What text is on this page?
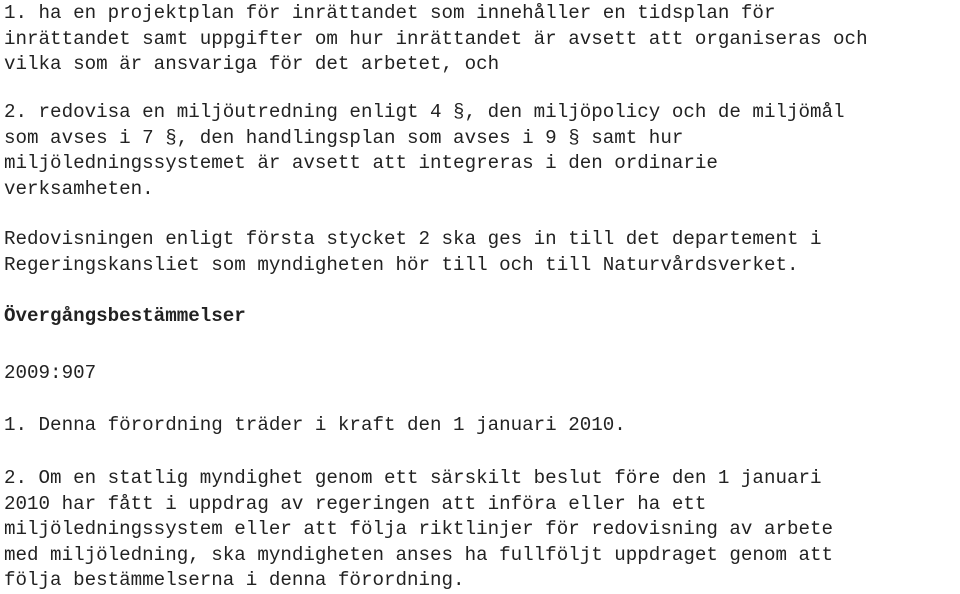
1. ha en projektplan för inrättandet som innehåller en tidsplan för
inrättandet samt uppgifter om hur inrättandet är avsett att organiseras och
vilka som är ansvariga för det arbetet, och

2. redovisa en miljöutredning enligt 4 §, den miljöpolicy och de miljömål
som avses i 7 §, den handlingsplan som avses i 9 § samt hur
miljöledningssystemet är avsett att integreras i den ordinarie
verksamheten.

Redovisningen enligt första stycket 2 ska ges in till det departement i
Regeringskansliet som myndigheten hör till och till Naturvårdsverket.

Övergångsbestämmelser

2009:907

1. Denna förordning träder i kraft den 1 januari 2010.

2. Om en statlig myndighet genom ett särskilt beslut före den 1 januari
2010 har fått i uppdrag av regeringen att införa eller ha ett
miljöledningssystem eller att följa riktlinjer för redovisning av arbete
med miljöledning, ska myndigheten anses ha fullföljt uppdraget genom att
följa bestämmelserna i denna förordning.
